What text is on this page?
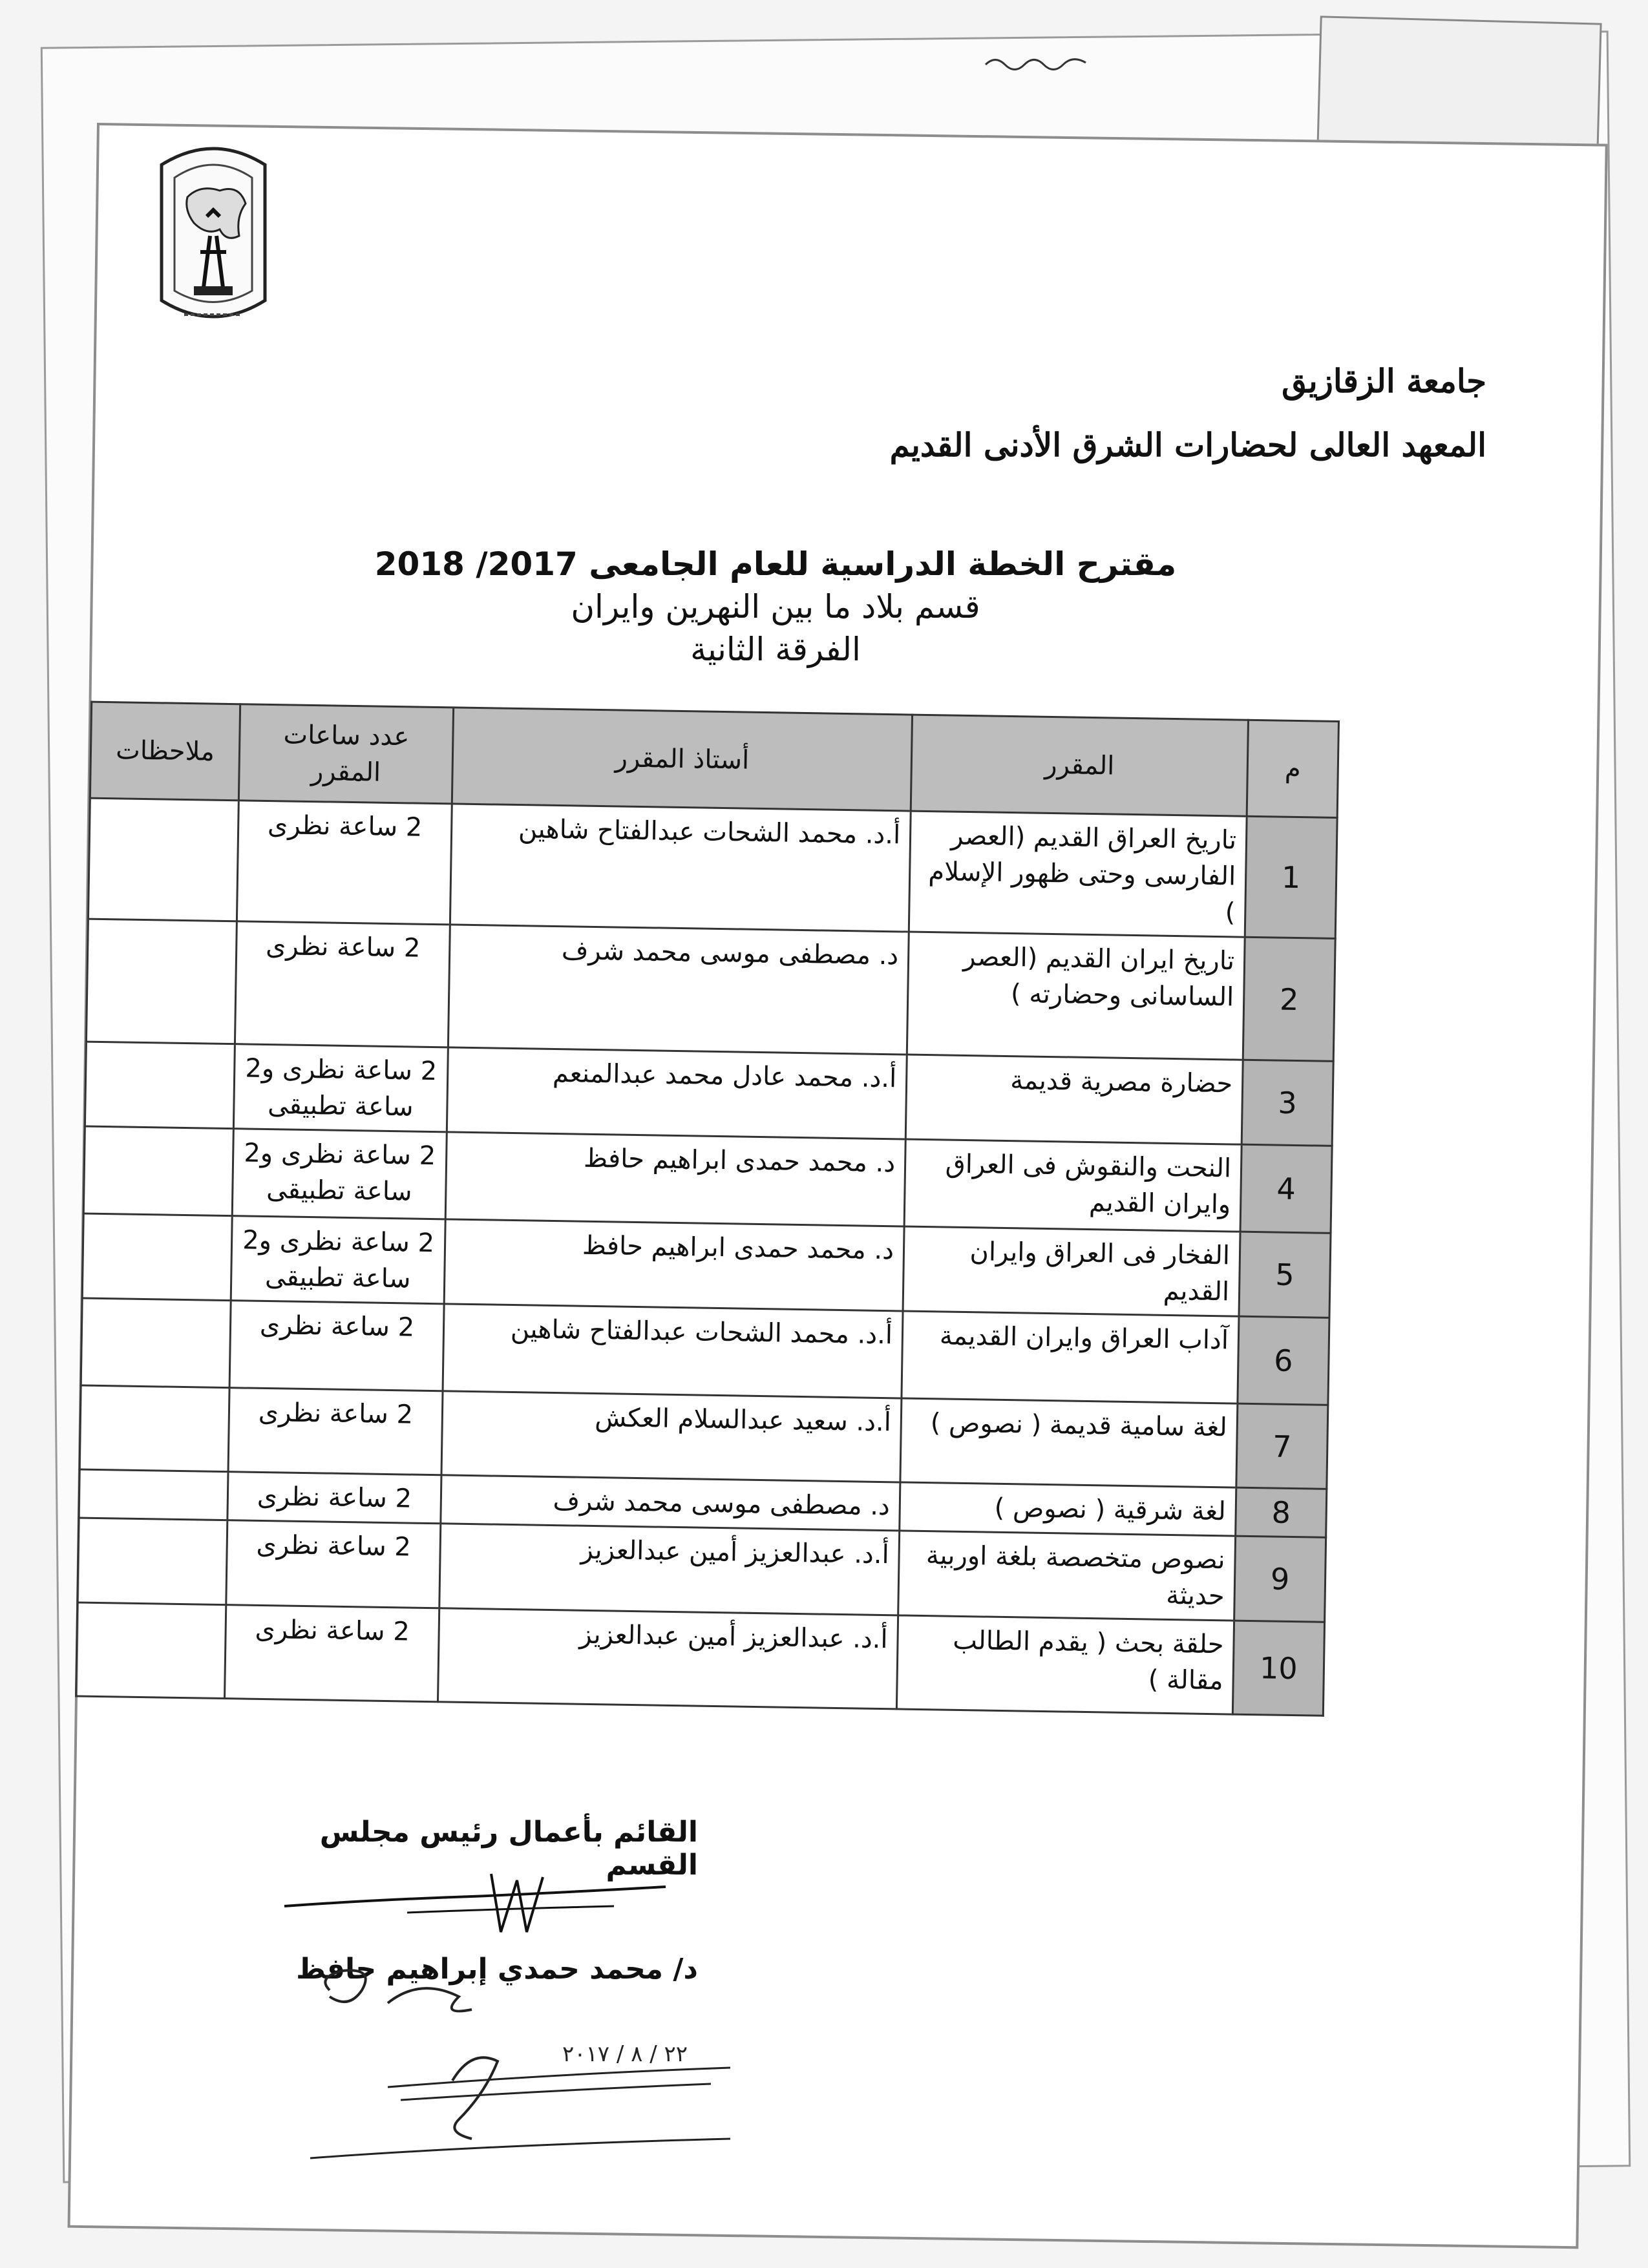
جامعة الزقازيق
المعهد العالى لحضارات الشرق الأدنى القديم
مقترح الخطة الدراسية للعام الجامعى 2017/ 2018
قسم بلاد ما بين النهرين وايران
الفرقة الثانية
م	المقرر	أستاذ المقرر	عدد ساعات المقرر	ملاحظات
1	تاريخ العراق القديم (العصر الفارسى وحتى ظهور الإسلام )	أ.د. محمد الشحات عبدالفتاح شاهين	2 ساعة نظرى	
2	تاريخ ايران القديم (العصر الساسانى وحضارته )	د. مصطفى موسى محمد شرف	2 ساعة نظرى	
3	حضارة مصرية قديمة	أ.د. محمد عادل محمد عبدالمنعم	2 ساعة نظرى و2 ساعة تطبيقى	
4	النحت والنقوش فى العراق وايران القديم	د. محمد حمدى ابراهيم حافظ	2 ساعة نظرى و2 ساعة تطبيقى	
5	الفخار فى العراق وايران القديم	د. محمد حمدى ابراهيم حافظ	2 ساعة نظرى و2 ساعة تطبيقى	
6	آداب العراق وايران القديمة	أ.د. محمد الشحات عبدالفتاح شاهين	2 ساعة نظرى	
7	لغة سامية قديمة ( نصوص )	أ.د. سعيد عبدالسلام العكش	2 ساعة نظرى	
8	لغة شرقية ( نصوص )	د. مصطفى موسى محمد شرف	2 ساعة نظرى	
9	نصوص متخصصة بلغة اوربية حديثة	أ.د. عبدالعزيز أمين عبدالعزيز	2 ساعة نظرى	
10	حلقة بحث ( يقدم الطالب مقالة )	أ.د. عبدالعزيز أمين عبدالعزيز	2 ساعة نظرى	
القائم بأعمال رئيس مجلس القسم
د/ محمد حمدي إبراهيم حافظ
٢٢ / ٨ / ٢٠١٧
